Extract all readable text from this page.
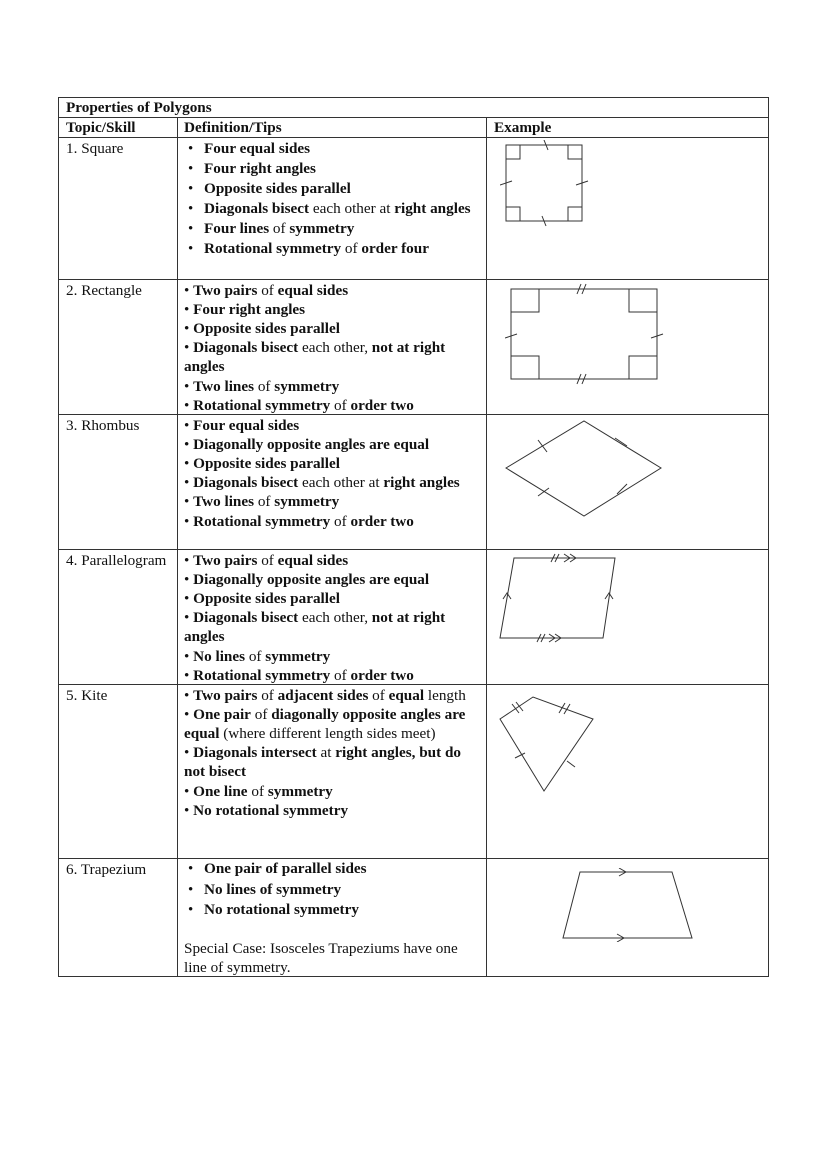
Properties of Polygons
Topic/Skill	Definition/Tips	Example
1. Square	• Four equal sides
• Four right angles
• Opposite sides parallel
• Diagonals bisect each other at right angles
• Four lines of symmetry
• Rotational symmetry of order four
2. Rectangle	• Two pairs of equal sides
• Four right angles
• Opposite sides parallel
• Diagonals bisect each other, not at right angles
• Two lines of symmetry
• Rotational symmetry of order two
3. Rhombus	• Four equal sides
• Diagonally opposite angles are equal
• Opposite sides parallel
• Diagonals bisect each other at right angles
• Two lines of symmetry
• Rotational symmetry of order two
4. Parallelogram	• Two pairs of equal sides
• Diagonally opposite angles are equal
• Opposite sides parallel
• Diagonals bisect each other, not at right angles
• No lines of symmetry
• Rotational symmetry of order two
5. Kite	• Two pairs of adjacent sides of equal length
• One pair of diagonally opposite angles are equal (where different length sides meet)
• Diagonals intersect at right angles, but do not bisect
• One line of symmetry
• No rotational symmetry
6. Trapezium	• One pair of parallel sides
• No lines of symmetry
• No rotational symmetry
Special Case: Isosceles Trapeziums have one line of symmetry.
